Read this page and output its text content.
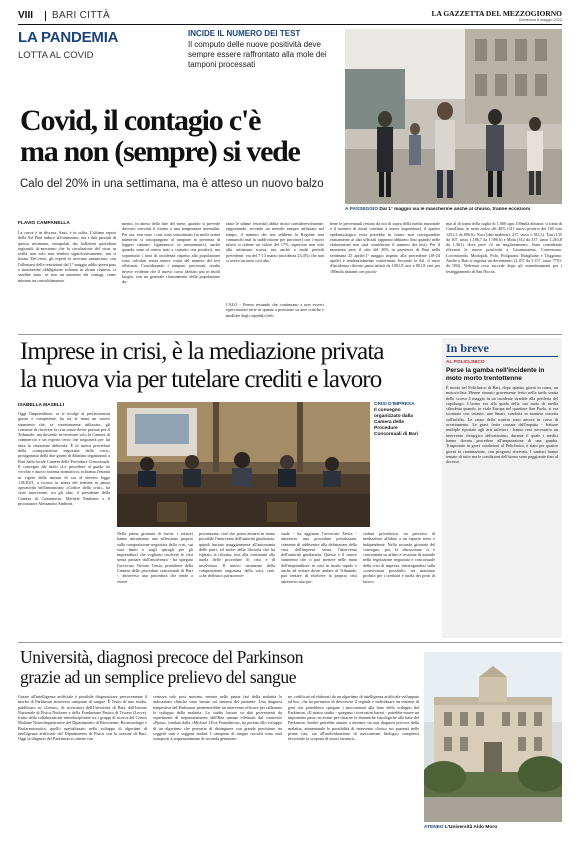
VIII BARI CITTÀ	LA GAZZETTA DEL MEZZOGIORNO
Domenica 8 maggio 2022
LA PANDEMIA
LOTTA AL COVID
INCIDE IL NUMERO DEI TEST
Il computo delle nuove positività deve sempre essere raffrontato alla mole dei tamponi processati
Covid, il contagio c'è
ma non (sempre) si vede
Calo del 20% in una settimana, ma è atteso un nuovo balzo
A PASSEGGIO Dal 1° maggio via le mascherine anche al chiuso, tranne eccezioni
FLAVIO CAMPANELLA
La curva è in discesa. Anzi, è in salita. L'ultimo report della Asl Bari induce all'ottimismo, ma i dati parziali di questa settimana, estrapolati dai bollettini quotidiani regionali, di-mostrano che la circolazione del virus in realtà non solo non sembra significativamente, ma si limita. Del resto, gli esperti lo avevano annunciato: con l'allentarsi delle restrizioni dal 1° maggio addio green pass e mascherine obbligatorie soltanto in alcuni contesti, ci sarebbe stato, se non un aumento dei contagi, come minimo un consolidamento.
mento, in attesa della fine del mese, quando si prevede davvero convinti il ritorno a una temperanza normalità. Per ora, non sono i casi sono sottostimati (in molti ormai numerosi si sottopongono al tampone in presenza di leggeri sintomi, figuriamoci se asintomatici), anche quando sono al centro stati a contatto con positivi), ma soprattutto i tassi di incidenza rispetto alla popolazione sono calcolati senza tenere conto del numero dei test effettuati. Considerando i tamponi processati, risulta invece evidente che il nuovo corso (dettato più in molti luoghi, con un generale rilassamento della popolazione du-
rante le ultime festività) abbia inciso considerevolmente: rapportando, secondo un metodo sempre utilizzato nel tempo, il numero dei test sebbene la Regione non comunichi mai la suddivisione per province) con i nuovi infetti si ottiene un valore del 17%, superiore non solo alla settimana scorsa, ma anche a molti periodi precedenti: era del 7-13 marzo (incidenza 23,4%) che non si aveva un tasso così alto.
CALO - Fermo restando che continuano a non esserci ripercussioni serie in quanto a pressione su aree critiche e mediche degli ospedali (seb-
bene le percentuali restino da noi di sopra della media nazionale e il numero di morti continui a essere importante), il quadro epidemiologico resta potrebbe in futuro non corrispondere esattamente ai dati ufficiali (appunto abbiamo fino quando nelle elaborazioni non sarà considerato il numero dei test). Per il momento però il calo del 20% in provincia di Bari nella settimana 25 aprile/1° maggio rispetto alla precedente (18-24 aprile) è tendenzialmente confermata. Secondo la Asl, il tasso d'incidenza rilevato passa infatti da 1001,8 casi a 801,8 casi per 100mila abitanti con picchi-
mai al di sopra della soglia di 1.000 ogni 100mila abitanti: si tratta di Castellana, in netto rialzo del 40% (311 nuovi positivi dei 165 toto 1251,3 da 896,6). Noci (dati inalterati: 217, tasso 1.183,5). Turi (135 da 167, tasso 1.186,7 da 1.390,6) e Mola (312 da 337, tasso 1.263,8 da 1.361), dove però c'è un miglioramento. Sono considerate rilevanti le nuove positività a Casamassima, Conversano, Locorotondo, Monopoli, Polo, Polignano, Rutigliano e Triggiano. Anche a Bari si registra un decremento (2.457 da 3.157, tasso 779,1 da 992). Vedremo cosa succede dopo gli assembramenti per i festeggiamenti di San Nicola.
Imprese in crisi, è la mediazione privata
la nuova via per tutelare crediti e lavoro
ISABELLA MASELLI
Oggi l'imprenditore, se si rivolge al professionista giusto e competente, ha tra le mani un nuovo strumento che, se correttamente utilizzato, gli consente di risolvere la crisi senza dover passare per il Tribunale, ma dovendo in-teressare solo la Camera di commercio e un esperto terzo che negozierà per lui tutta la situazione debitoria. È la nuova procedura della «composizione negoziata della crisi», protagonista della due giorni di dibattito organizzato a Bari dalla locale Camera delle Procedure Concorsuali. Il convegno dal titolo «Le procedure al guado tra vecchio e nuovo sistema normativo» richiama l'entrata in vigore della misura di cui al decreto legge 118/2021, a ricorso in attesa del termine in pausa operatività dell'annunciato «Codice della crisi», ha visto intervenire, tra gli altri, il presidente della Camera di Commercio, Michele Emiliano e il procuratore Alessandro Ambrosi.
CRISI D'IMPRESA
Il convegno organizzato dalla Camera delle Procedure Concorsuali di Bari
Nella prima giornata di lavori, i relatori hanno intrattenuto una riflessione proprio sulla composizione negoziata della crisi, sui suoi limiti e sugli spiragli per gli imprenditori che vogliono risolvere le crisi senza passare dall'insolvenza - ha spiegato l'avvocato Vittorio Tarsia, presidente della Camera delle procedure concorsuali di Bari -, attraverso una procedura che tende a essere
privatizzata, cioè che possa attuarsi in mano possibile l'intervento dell'autorità giudiziaria, quindi lasciato maggiormente all'autonomia delle parti, ed anche della filosofia che ha ispirato la riforma, tesa alla continuità alla tutela delle procedure di crisi e di insolvenza. Il nuovo strumento della composizione negoziata della crisi, cioè, «che definisco paraconcor-
suale - ha aggiunto l'avvocato Tarsia - attraverso una procedura privatizzata, consente di addivenire alla definizione della crisi dell'impresa senza l'intervento dell'autorità giudiziaria. Questo è il nuovo strumento che ci può mettere nelle mani dell'imprenditore in crisi in modo rapido e anche ad evitare dover andare al Tribunale, può tentare di risolvere la propria crisi attraverso una pro-
cedura privatistica, un percorso di mediazione affidato a un esperto terzo e indipendente. Nella seconda giornata del convegno, poi, la discussione si è concentrata su affitto e cessione di aziende nella regolazione negoziata e concorsuale della crisi di impresa, interrogandosi sulla «convivenza possibile» tra massimo profitto per i creditori e tutela dei posti di lavoro.
In breve
AL POLICLINICO
Perse la gamba nell'incidente in moto morto trentottenne
È morto nel Policlinico di Bari, dopo quattro giorni in coma, un motociclista 38enne rimasto gravemente ferito nella tarda serata dello scorso 4 maggio in un incidente stradale alla periferia del capoluogo. L'uomo era alla guida della sua moto di media cilindrata quando, in viale Europa nel quartiere San Paolo, si era scontrato con un'auto, una Smart, condotta in maniera corretta sull'asfalto. Le cause dello scontro sono ancora in corso di accertamento. Le gravi ferite causate dall'impatto - fratture multiple riportate agli arti inferiori - hanno reso necessario un intervento chirurgico delicatissimo, durante il quale i medici hanno dovuto procedere all'amputazione di una gamba. Trasportato in gravi condizioni al Policlinico, è stato per quattro giorni in rianimazione, con prognosi riservata. I sanitari hanno tentato di tutto ma le condizioni dell'uomo sono peggiorate fino al decesso.
Università, diagnosi precoce del Parkinson
grazie ad un semplice prelievo del sangue
Grazie all'intelligenza artificiale è possibile diagnosticare precocemente il morbo di Parkinson attraverso campioni di sangue. È l'esito di uno studio, pubblicato su «Genes», di ricercatori dell'Università di Bari, dell'Istituto Nazionale di Fisica Nucleare e della Fondazione Panico di Tricase (Lecce), frutto della collaborazione interdisciplinare tra i gruppi di ricerca del Centro Malattie Neurodegenerative del Dipartimento di Bioscienze, Biotecnologie e Biofarmaceutica, quello specializzato nello sviluppo di algoritmi di intelligenza artificiale del Dipartimento di Fisica con la sezione di Bari. Oggi la diagnosi del Parkinson si ottiene con
certezza solo post mortem, mentre nelle prime fasi della malattia le indicazioni cliniche sono basate sui sintomi del paziente. Una diagnosi tempestiva del Parkinson permetterebbe un intervento efficace per rallentare lo sviluppo della malattia. Lo studio basato su dati provenienti da esperimenti di sequenziamento dell'Rna umano effettuati dal consorzio «Ppmi», fondato dalla «Michael J.Fox Foundation», ha portato allo sviluppo di un algoritmo che permette di distinguere con grande precisione tra soggetti sani e soggetti malati. I campioni di sangue raccolti sono stati sottoposti a sequenziamento di seconda generazio-
ne, codificati ed elaborati da un algoritmo di intelligenza artificiale sviluppato ad hoc, che ha permesso di descrivere il segnale e individuare un insieme di geni che potrebbero spiegare i meccanismi alla base dello sviluppo del Parkinson. «Il nostro studio - spiegano i ricercatori baresi - potrebbe essere un importante passo in avanti per chiarire le dinamiche fisiologiche alla base del Parkinson. Inoltre potrebbe aiutare a ottenere sia una diagnosi precoce della malattia, aumentando le possibilità di intervento clinico sui pazienti nelle prime fasi, sia all'individuazione di meccanismi biologici complessi favorendo la scoperta di nuovi farmaci».
ATENEO L'Università Aldo Moro
